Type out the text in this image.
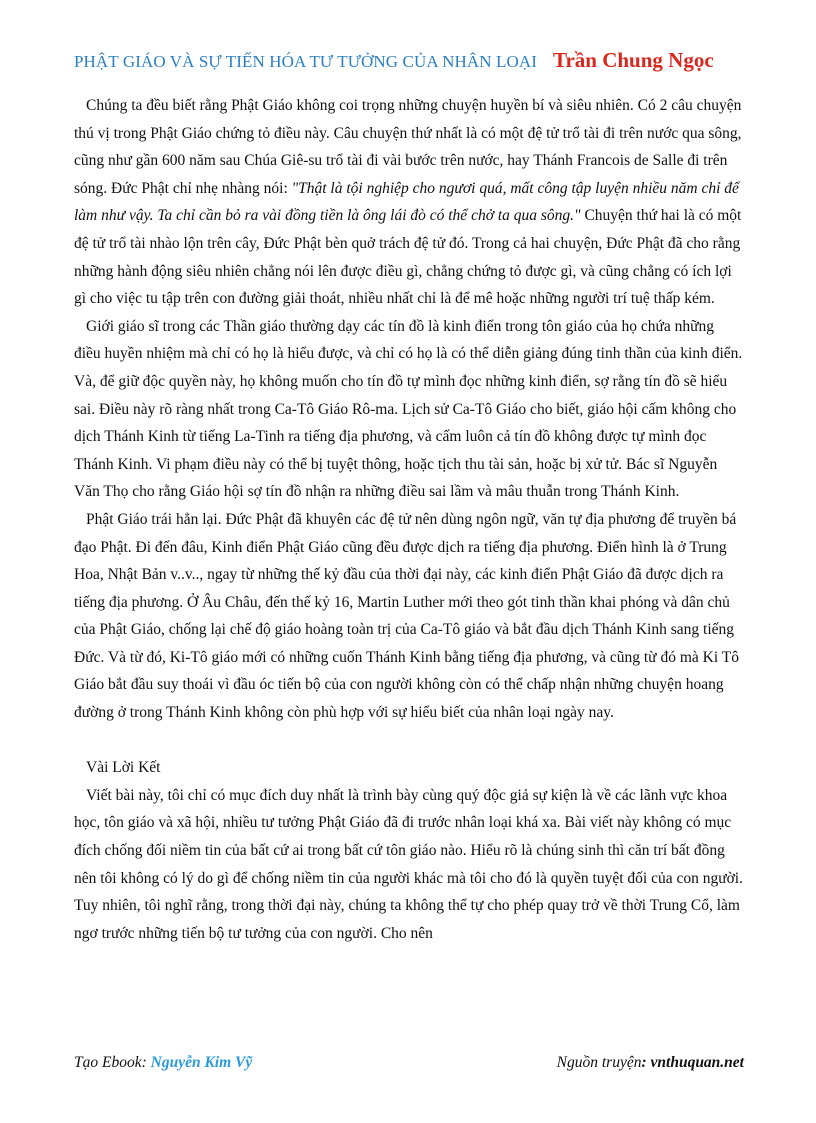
PHẬT GIÁO VÀ SỰ TIẾN HÓA TƯ TƯỞNG CỦA NHÂN LOẠI Trần Chung Ngọc

Chúng ta đều biết rằng Phật Giáo không coi trọng những chuyện huyền bí và siêu nhiên. Có 2 câu chuyện thú vị trong Phật Giáo chứng tỏ điều này. Câu chuyện thứ nhất là có một đệ tử trổ tài đi trên nước qua sông, cũng như gần 600 năm sau Chúa Giê-su trổ tài đi vài bước trên nước, hay Thánh Francois de Salle đi trên sóng. Đức Phật chỉ nhẹ nhàng nói: "Thật là tội nghiệp cho ngươi quá, mất công tập luyện nhiều năm chỉ để làm như vậy. Ta chỉ cần bỏ ra vài đồng tiền là ông lái đò có thể chở ta qua sông." Chuyện thứ hai là có một đệ tử trổ tài nhào lộn trên cây, Đức Phật bèn quở trách đệ tử đó. Trong cả hai chuyện, Đức Phật đã cho rằng những hành động siêu nhiên chẳng nói lên được điều gì, chẳng chứng tỏ được gì, và cũng chẳng có ích lợi gì cho việc tu tập trên con đường giải thoát, nhiều nhất chỉ là để mê hoặc những người trí tuệ thấp kém.

Giới giáo sĩ trong các Thần giáo thường dạy các tín đồ là kinh điển trong tôn giáo của họ chứa những điều huyền nhiệm mà chỉ có họ là hiểu được, và chỉ có họ là có thể diễn giảng đúng tinh thần của kinh điển. Và, để giữ độc quyền này, họ không muốn cho tín đồ tự mình đọc những kinh điển, sợ rằng tín đồ sẽ hiểu sai. Điều này rõ ràng nhất trong Ca-Tô Giáo Rô-ma. Lịch sử Ca-Tô Giáo cho biết, giáo hội cấm không cho dịch Thánh Kinh từ tiếng La-Tinh ra tiếng địa phương, và cấm luôn cả tín đồ không được tự mình đọc Thánh Kinh. Vi phạm điều này có thể bị tuyệt thông, hoặc tịch thu tài sản, hoặc bị xử tử. Bác sĩ Nguyễn Văn Thọ cho rằng Giáo hội sợ tín đồ nhận ra những điều sai lầm và mâu thuẫn trong Thánh Kinh.

Phật Giáo trái hẳn lại. Đức Phật đã khuyên các đệ tử nên dùng ngôn ngữ, văn tự địa phương để truyền bá đạo Phật. Đi đến đâu, Kinh điển Phật Giáo cũng đều được dịch ra tiếng địa phương. Điển hình là ở Trung Hoa, Nhật Bản v..v.., ngay từ những thế kỷ đầu của thời đại này, các kinh điển Phật Giáo đã được dịch ra tiếng địa phương. Ở Âu Châu, đến thế kỷ 16, Martin Luther mới theo gót tinh thần khai phóng và dân chủ của Phật Giáo, chống lại chế độ giáo hoàng toàn trị của Ca-Tô giáo và bắt đầu dịch Thánh Kinh sang tiếng Đức. Và từ đó, Ki-Tô giáo mới có những cuốn Thánh Kinh bằng tiếng địa phương, và cũng từ đó mà Ki Tô Giáo bắt đầu suy thoái vì đầu óc tiến bộ của con người không còn có thể chấp nhận những chuyện hoang đường ở trong Thánh Kinh không còn phù hợp với sự hiểu biết của nhân loại ngày nay.

Vài Lời Kết

Viết bài này, tôi chỉ có mục đích duy nhất là trình bày cùng quý độc giả sự kiện là về các lãnh vực khoa học, tôn giáo và xã hội, nhiều tư tưởng Phật Giáo đã đi trước nhân loại khá xa. Bài viết này không có mục đích chống đối niềm tin của bất cứ ai trong bất cứ tôn giáo nào. Hiểu rõ là chúng sinh thì căn trí bất đồng nên tôi không có lý do gì để chống niềm tin của người khác mà tôi cho đó là quyền tuyệt đối của con người. Tuy nhiên, tôi nghĩ rằng, trong thời đại này, chúng ta không thể tự cho phép quay trở về thời Trung Cổ, làm ngơ trước những tiến bộ tư tưởng của con người. Cho nên

Tạo Ebook: Nguyễn Kim Vỹ	Nguồn truyện: vnthuquan.net
